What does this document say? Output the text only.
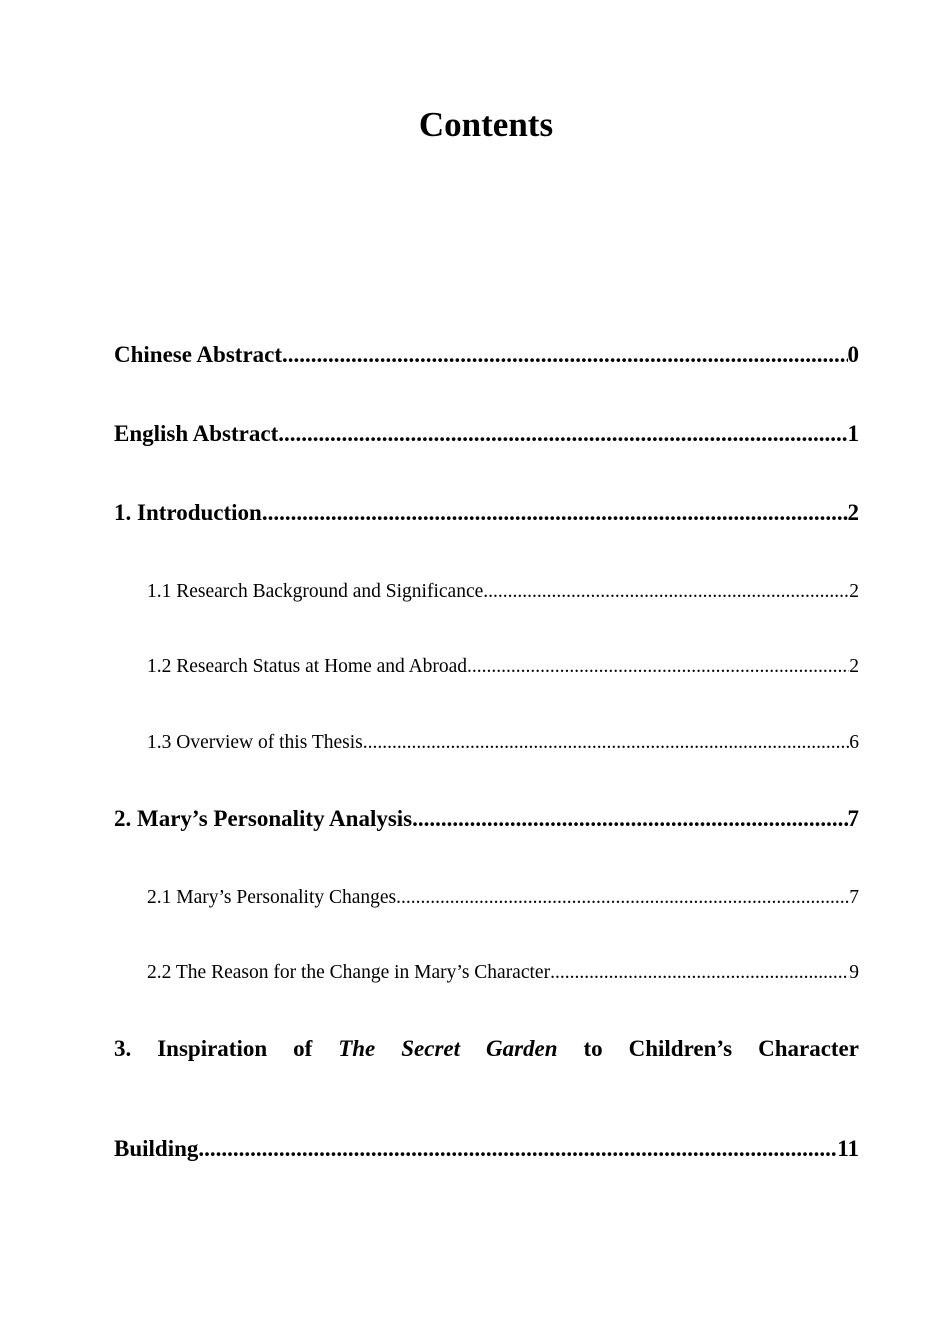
Contents
Chinese Abstract .....	0
English Abstract .....	1
1. Introduction .....	2
1.1 Research Background and Significance .....	2
1.2 Research Status at Home and Abroad .....	2
1.3 Overview of this Thesis .....	6
2. Mary’s Personality Analysis .....	7
2.1 Mary’s Personality Changes .....	7
2.2 The Reason for the Change in Mary’s Character .....	9
3. Inspiration of The Secret Garden to Children’s Character
Building .....	11
